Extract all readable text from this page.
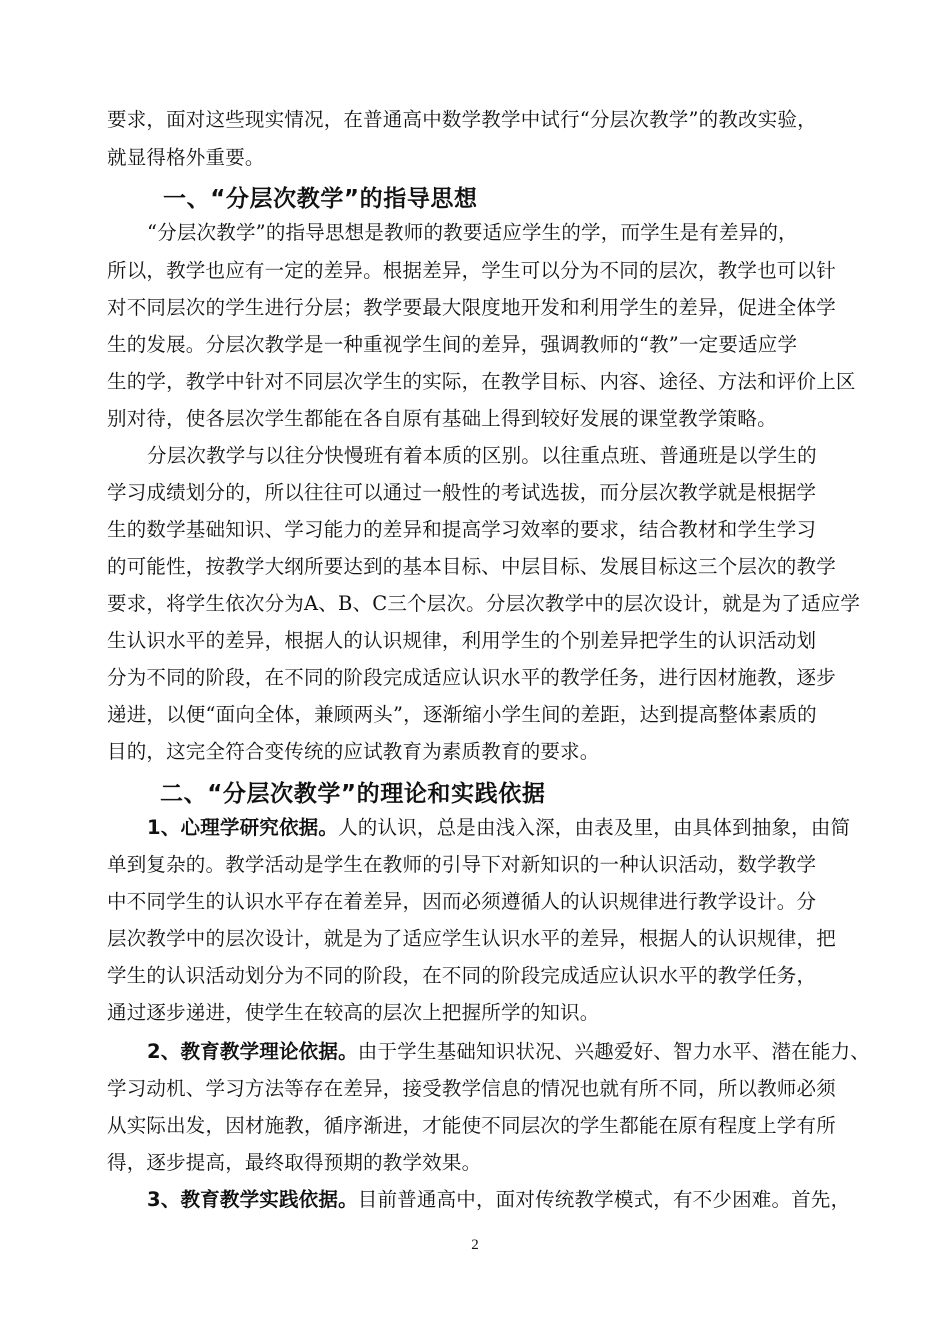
要求，面对这些现实情况，在普通高中数学教学中试行“分层次教学”的教改实验，
就显得格外重要。
一、“分层次教学”的指导思想
“分层次教学”的指导思想是教师的教要适应学生的学，而学生是有差异的，
所以，教学也应有一定的差异。根据差异，学生可以分为不同的层次，教学也可以针
对不同层次的学生进行分层；教学要最大限度地开发和利用学生的差异，促进全体学
生的发展。分层次教学是一种重视学生间的差异，强调教师的“教”一定要适应学
生的学，教学中针对不同层次学生的实际，在教学目标、内容、途径、方法和评价上区
别对待，使各层次学生都能在各自原有基础上得到较好发展的课堂教学策略。
分层次教学与以往分快慢班有着本质的区别。以往重点班、普通班是以学生的
学习成绩划分的，所以往往可以通过一般性的考试选拔，而分层次教学就是根据学
生的数学基础知识、学习能力的差异和提高学习效率的要求，结合教材和学生学习
的可能性，按教学大纲所要达到的基本目标、中层目标、发展目标这三个层次的教学
要求，将学生依次分为A、B、C三个层次。分层次教学中的层次设计，就是为了适应学
生认识水平的差异，根据人的认识规律，利用学生的个别差异把学生的认识活动划
分为不同的阶段，在不同的阶段完成适应认识水平的教学任务，进行因材施教，逐步
递进，以便“面向全体，兼顾两头”，逐渐缩小学生间的差距，达到提高整体素质的
目的，这完全符合变传统的应试教育为素质教育的要求。
二、“分层次教学”的理论和实践依据
1、心理学研究依据。人的认识，总是由浅入深，由表及里，由具体到抽象，由简
单到复杂的。教学活动是学生在教师的引导下对新知识的一种认识活动，数学教学
中不同学生的认识水平存在着差异，因而必须遵循人的认识规律进行教学设计。分
层次教学中的层次设计，就是为了适应学生认识水平的差异，根据人的认识规律，把
学生的认识活动划分为不同的阶段，在不同的阶段完成适应认识水平的教学任务，
通过逐步递进，使学生在较高的层次上把握所学的知识。
2、教育教学理论依据。由于学生基础知识状况、兴趣爱好、智力水平、潜在能力、
学习动机、学习方法等存在差异，接受教学信息的情况也就有所不同，所以教师必须
从实际出发，因材施教，循序渐进，才能使不同层次的学生都能在原有程度上学有所
得，逐步提高，最终取得预期的教学效果。
3、教育教学实践依据。目前普通高中，面对传统教学模式，有不少困难。首先，
2
